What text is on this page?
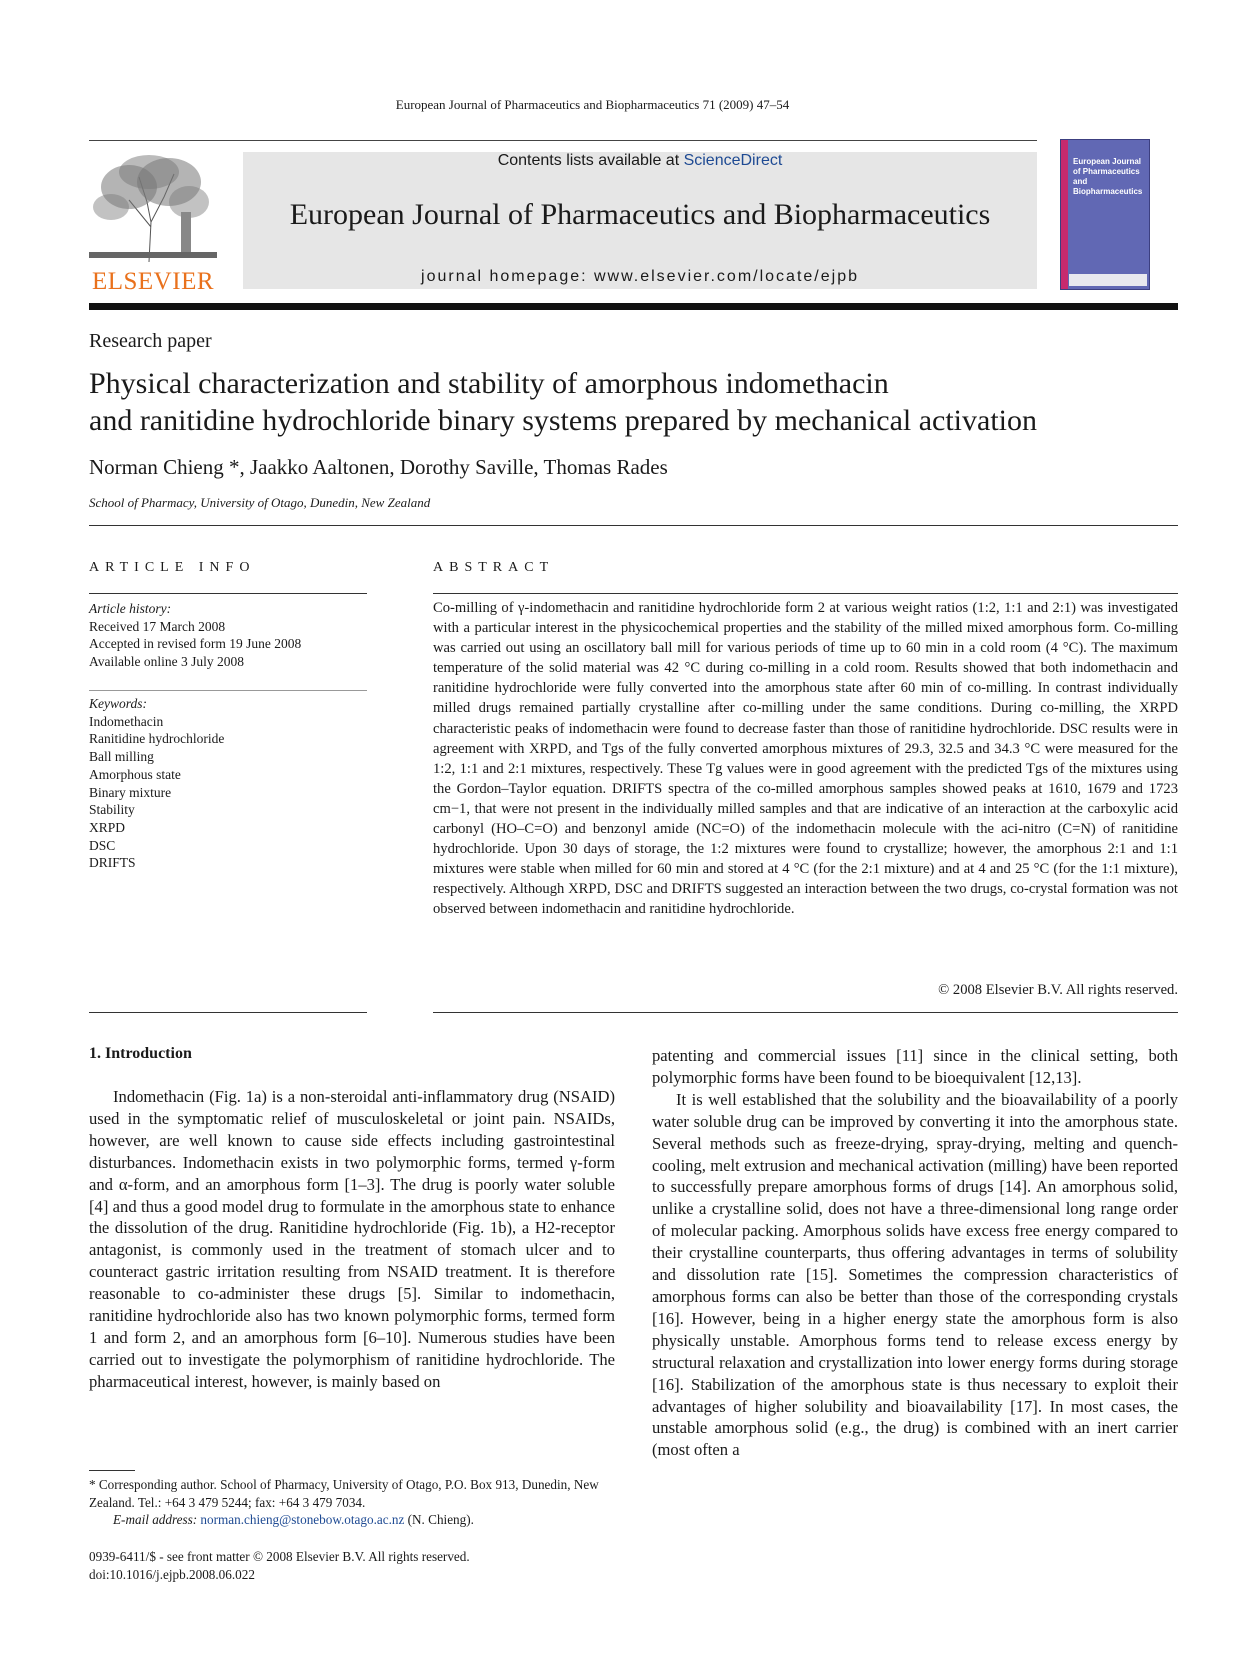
European Journal of Pharmaceutics and Biopharmaceutics 71 (2009) 47–54
ELSEVIER
Contents lists available at ScienceDirect
European Journal of Pharmaceutics and Biopharmaceutics
journal homepage: www.elsevier.com/locate/ejpb
European Journal of Pharmaceutics and Biopharmaceutics
Research paper
Physical characterization and stability of amorphous indomethacin
and ranitidine hydrochloride binary systems prepared by mechanical activation
Norman Chieng *, Jaakko Aaltonen, Dorothy Saville, Thomas Rades
School of Pharmacy, University of Otago, Dunedin, New Zealand
ARTICLE INFO
Article history:
Received 17 March 2008
Accepted in revised form 19 June 2008
Available online 3 July 2008
Keywords:
Indomethacin
Ranitidine hydrochloride
Ball milling
Amorphous state
Binary mixture
Stability
XRPD
DSC
DRIFTS
ABSTRACT
Co-milling of γ-indomethacin and ranitidine hydrochloride form 2 at various weight ratios (1:2, 1:1 and 2:1) was investigated with a particular interest in the physicochemical properties and the stability of the milled mixed amorphous form. Co-milling was carried out using an oscillatory ball mill for various periods of time up to 60 min in a cold room (4 °C). The maximum temperature of the solid material was 42 °C during co-milling in a cold room. Results showed that both indomethacin and ranitidine hydrochloride were fully converted into the amorphous state after 60 min of co-milling. In contrast individually milled drugs remained partially crystalline after co-milling under the same conditions. During co-milling, the XRPD characteristic peaks of indomethacin were found to decrease faster than those of ranitidine hydrochloride. DSC results were in agreement with XRPD, and Tgs of the fully converted amorphous mixtures of 29.3, 32.5 and 34.3 °C were measured for the 1:2, 1:1 and 2:1 mixtures, respectively. These Tg values were in good agreement with the predicted Tgs of the mixtures using the Gordon–Taylor equation. DRIFTS spectra of the co-milled amorphous samples showed peaks at 1610, 1679 and 1723 cm−1, that were not present in the individually milled samples and that are indicative of an interaction at the carboxylic acid carbonyl (HO–C=O) and benzonyl amide (NC=O) of the indomethacin molecule with the aci-nitro (C=N) of ranitidine hydrochloride. Upon 30 days of storage, the 1:2 mixtures were found to crystallize; however, the amorphous 2:1 and 1:1 mixtures were stable when milled for 60 min and stored at 4 °C (for the 2:1 mixture) and at 4 and 25 °C (for the 1:1 mixture), respectively. Although XRPD, DSC and DRIFTS suggested an interaction between the two drugs, co-crystal formation was not observed between indomethacin and ranitidine hydrochloride.
© 2008 Elsevier B.V. All rights reserved.
1. Introduction

Indomethacin (Fig. 1a) is a non-steroidal anti-inflammatory drug (NSAID) used in the symptomatic relief of musculoskeletal or joint pain. NSAIDs, however, are well known to cause side effects including gastrointestinal disturbances. Indomethacin exists in two polymorphic forms, termed γ-form and α-form, and an amorphous form [1–3]. The drug is poorly water soluble [4] and thus a good model drug to formulate in the amorphous state to enhance the dissolution of the drug. Ranitidine hydrochloride (Fig. 1b), a H2-receptor antagonist, is commonly used in the treatment of stomach ulcer and to counteract gastric irritation resulting from NSAID treatment. It is therefore reasonable to co-administer these drugs [5]. Similar to indomethacin, ranitidine hydrochloride also has two known polymorphic forms, termed form 1 and form 2, and an amorphous form [6–10]. Numerous studies have been carried out to investigate the polymorphism of ranitidine hydrochloride. The pharmaceutical interest, however, is mainly based on

patenting and commercial issues [11] since in the clinical setting, both polymorphic forms have been found to be bioequivalent [12,13].

It is well established that the solubility and the bioavailability of a poorly water soluble drug can be improved by converting it into the amorphous state. Several methods such as freeze-drying, spray-drying, melting and quench-cooling, melt extrusion and mechanical activation (milling) have been reported to successfully prepare amorphous forms of drugs [14]. An amorphous solid, unlike a crystalline solid, does not have a three-dimensional long range order of molecular packing. Amorphous solids have excess free energy compared to their crystalline counterparts, thus offering advantages in terms of solubility and dissolution rate [15]. Sometimes the compression characteristics of amorphous forms can also be better than those of the corresponding crystals [16]. However, being in a higher energy state the amorphous form is also physically unstable. Amorphous forms tend to release excess energy by structural relaxation and crystallization into lower energy forms during storage [16]. Stabilization of the amorphous state is thus necessary to exploit their advantages of higher solubility and bioavailability [17]. In most cases, the unstable amorphous solid (e.g., the drug) is combined with an inert carrier (most often a

* Corresponding author. School of Pharmacy, University of Otago, P.O. Box 913, Dunedin, New Zealand. Tel.: +64 3 479 5244; fax: +64 3 479 7034.
E-mail address: norman.chieng@stonebow.otago.ac.nz (N. Chieng).
0939-6411/$ - see front matter © 2008 Elsevier B.V. All rights reserved.
doi:10.1016/j.ejpb.2008.06.022
